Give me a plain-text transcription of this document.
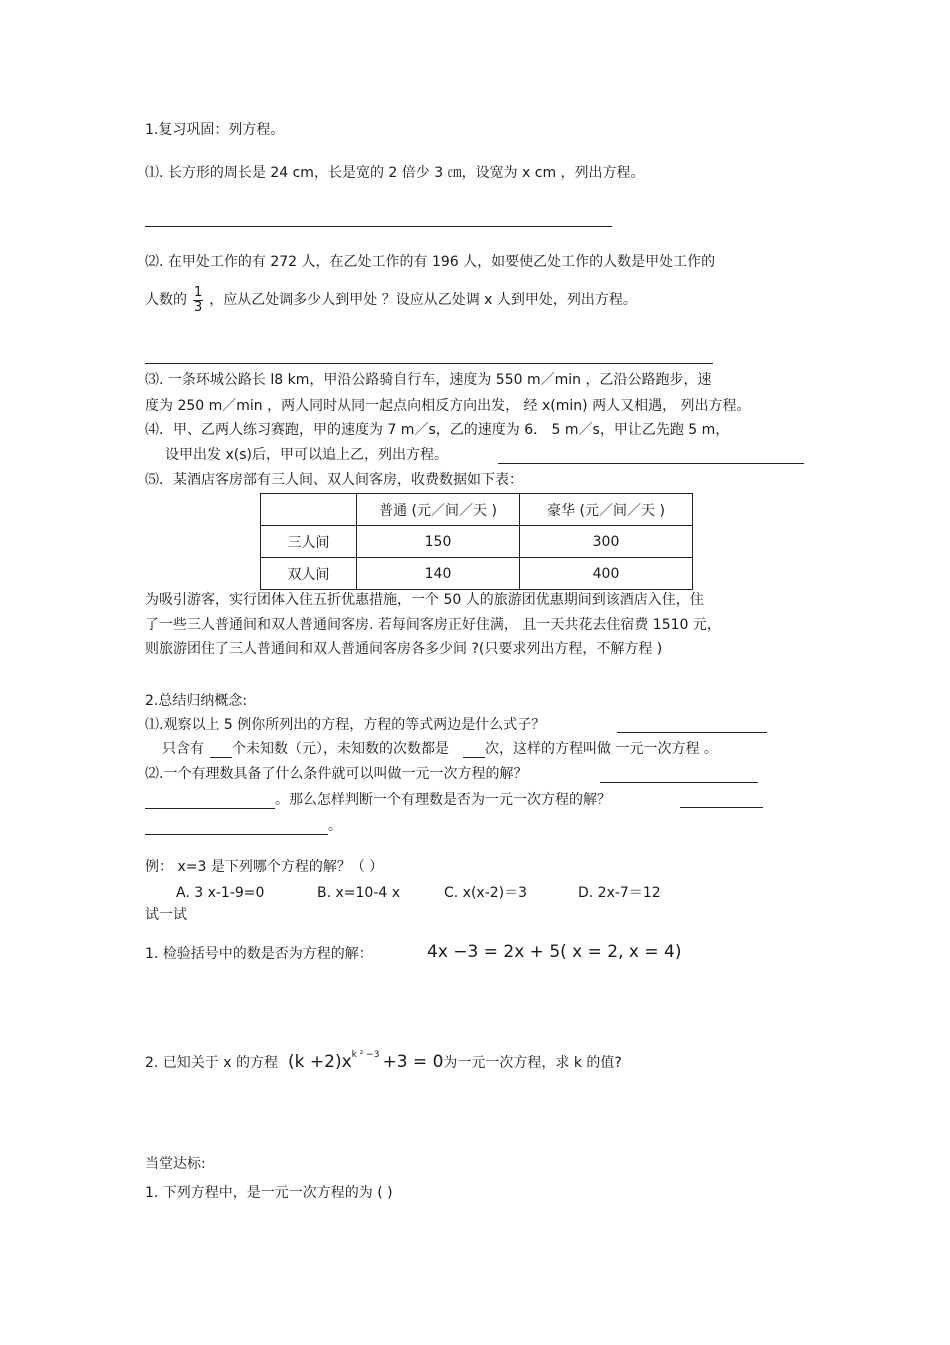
1.复习巩固：列方程。
⑴. 长方形的周长是 24 cm，长是宽的 2 倍少 3 ㎝，设宽为 x cm ，列出方程。
⑵. 在甲处工作的有 272 人，在乙处工作的有 196 人，如要使乙处工作的人数是甲处工作的
人数的 $\frac{1}{3}$ ，应从乙处调多少人到甲处 ？设应从乙处调 x 人到甲处，列出方程。
⑶. 一条环城公路长 l8 km，甲沿公路骑自行车，速度为 550 m／min ，乙沿公路跑步，速
度为 250 m／min ，两人同时从同一起点向相反方向出发， 经 x(min) 两人又相遇， 列出方程。
⑷．甲、乙两人练习赛跑，甲的速度为 7 m／s，乙的速度为 6． 5 m／s，甲让乙先跑 5 m，
设甲出发 x(s)后，甲可以追上乙，列出方程。
⑸．某酒店客房部有三人间、双人间客房，收费数据如下表：
	普通 (元／间／天 )	豪华 (元／间／天 )
三人间	150	300
双人间	140	400
为吸引游客，实行团体入住五折优惠措施，一个 50 人的旅游团优惠期间到该酒店入住，住
了一些三人普通间和双人普通间客房. 若每间客房正好住满， 且一天共花去住宿费 1510 元，
则旅游团住了三人普通间和双人普通间客房各多少间 ?(只要求列出方程，不解方程 )
2.总结归纳概念:
⑴.观察以上 5 例你所列出的方程，方程的等式两边是什么式子？
只含有 个未知数（元），未知数的次数都是	次，这样的方程叫做 一元一次方程 。
⑵.一个有理数具备了什么条件就可以叫做一元一次方程的解？
。那么怎样判断一个有理数是否为一元一次方程的解？
。
例： x=3 是下列哪个方程的解？（ ）
A. 3 x-1-9=0	B. x=10-4 x	C. x(x-2)＝3	D. 2x-7＝12
试一试
1. 检验括号中的数是否为方程的解：	4x −3 = 2x + 5( x = 2, x = 4)
2. 已知关于 x 的方程 $(k +2)x^{k ^2 -3} +3 = 0$为一元一次方程，求 k 的值?
当堂达标:
1. 下列方程中，是一元一次方程的为 ( )
